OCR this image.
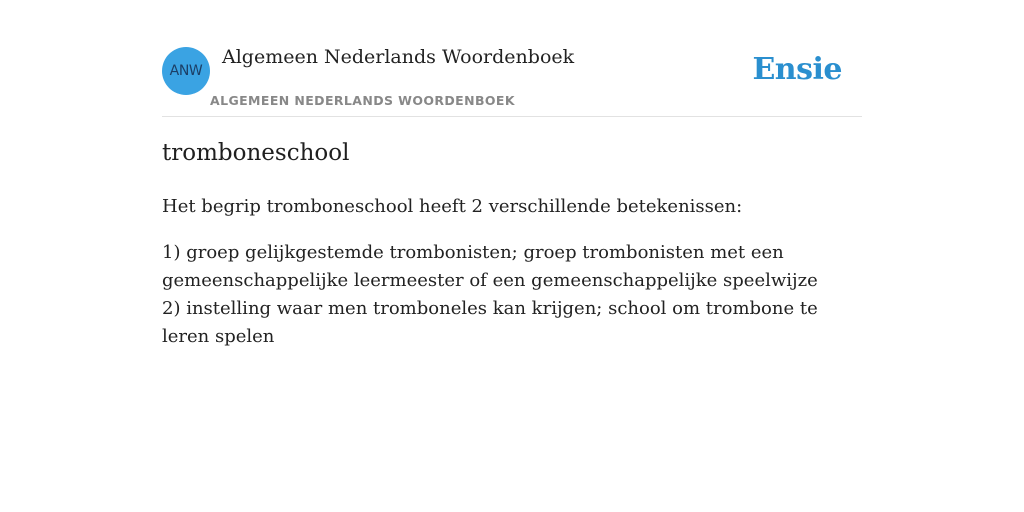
ANW
Algemeen Nederlands Woordenboek
ALGEMEEN NEDERLANDS WOORDENBOEK
Ensie
tromboneschool

Het begrip tromboneschool heeft 2 verschillende betekenissen:

1) groep gelijkgestemde trombonisten; groep trombonisten met een gemeenschappelijke leermeester of een gemeenschappelijke speelwijze
2) instelling waar men tromboneles kan krijgen; school om trombone te leren spelen
